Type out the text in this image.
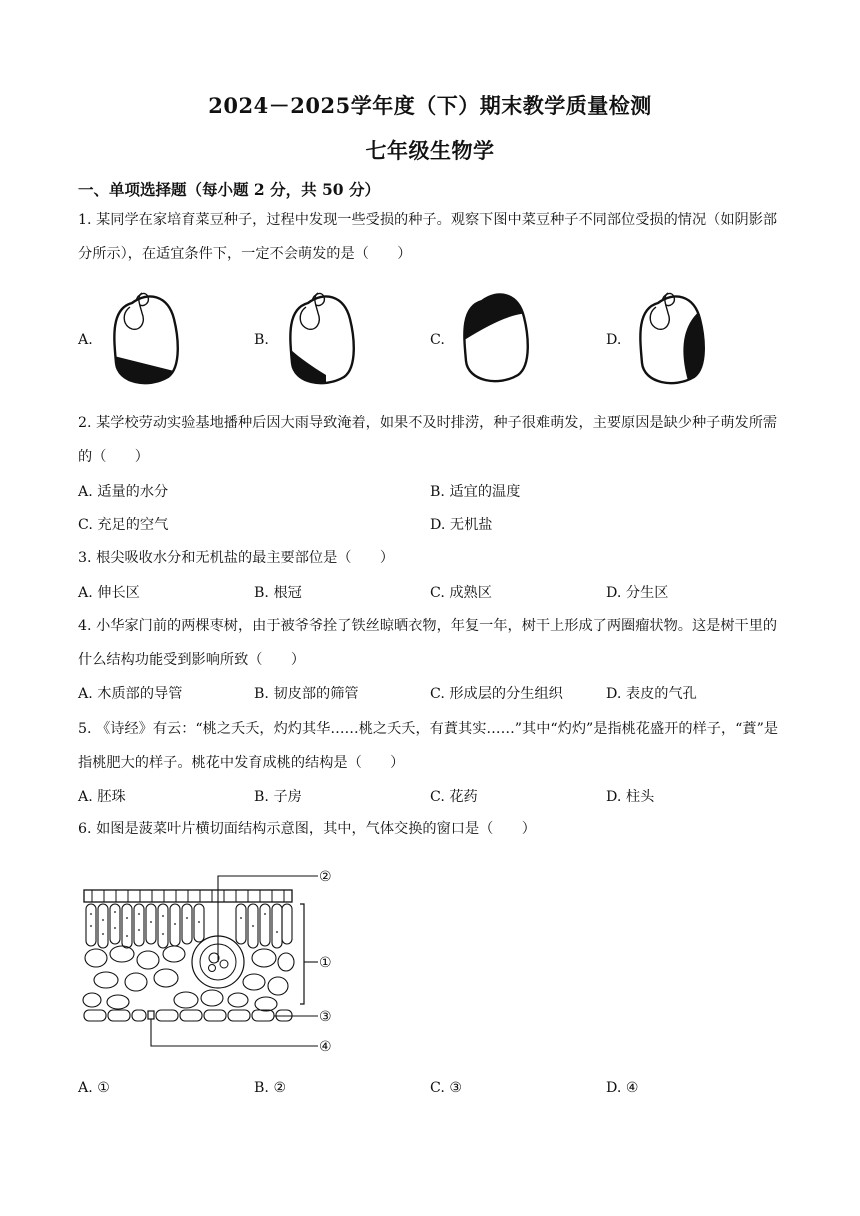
2024－2025学年度（下）期末教学质量检测
七年级生物学
一、单项选择题（每小题 2 分，共 50 分）
1. 某同学在家培育菜豆种子，过程中发现一些受损的种子。观察下图中菜豆种子不同部位受损的情况（如阴影部分所示），在适宜条件下，一定不会萌发的是（　　）
A.	B.	C.	D.
2. 某学校劳动实验基地播种后因大雨导致淹着，如果不及时排涝，种子很难萌发，主要原因是缺少种子萌发所需的（　　）
A. 适量的水分	B. 适宜的温度
C. 充足的空气	D. 无机盐
3. 根尖吸收水分和无机盐的最主要部位是（　　）
A. 伸长区	B. 根冠	C. 成熟区	D. 分生区
4. 小华家门前的两棵枣树，由于被爷爷拴了铁丝晾晒衣物，年复一年，树干上形成了两圈瘤状物。这是树干里的什么结构功能受到影响所致（　　）
A. 木质部的导管	B. 韧皮部的筛管	C. 形成层的分生组织	D. 表皮的气孔
5. 《诗经》有云：“桃之夭夭，灼灼其华……桃之夭夭，有蕡其实……”其中“灼灼”是指桃花盛开的样子，“蕡”是指桃肥大的样子。桃花中发育成桃的结构是（　　）
A. 胚珠	B. 子房	C. 花药	D. 柱头
6. 如图是菠菜叶片横切面结构示意图，其中，气体交换的窗口是（　　）
②
①
③
④
A. ①	B. ②	C. ③	D. ④
